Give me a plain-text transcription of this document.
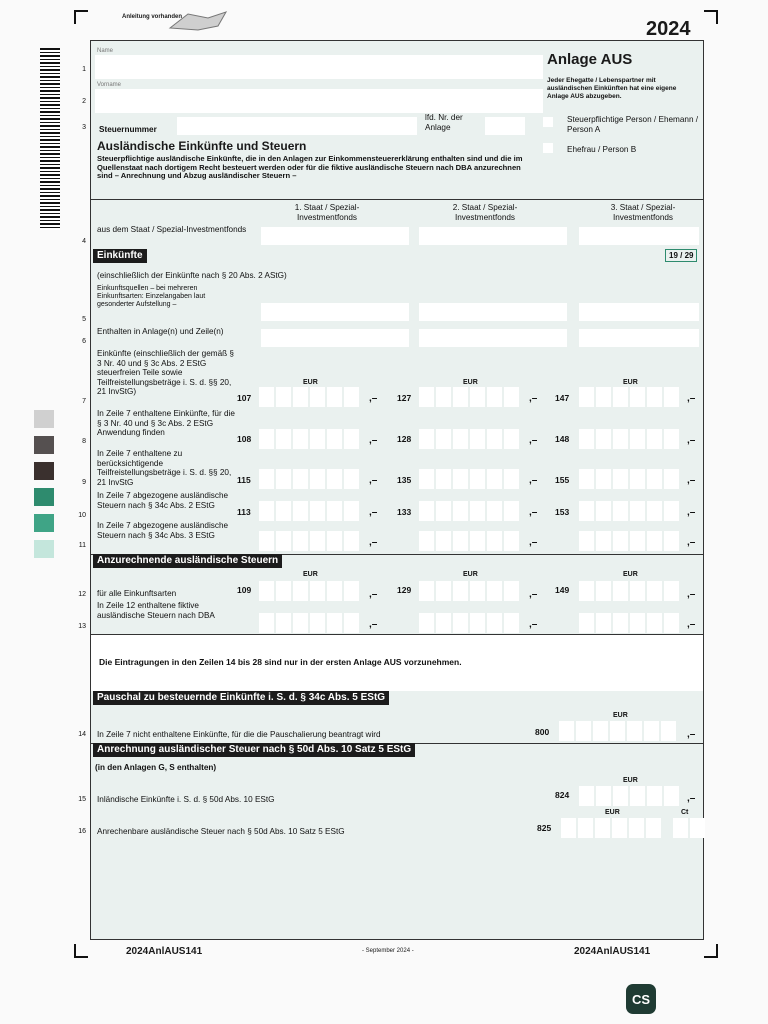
Anleitung vorhanden
2024
1
2
3
4
5
6
7
8
9
10
11
12
13
14
15
16
Name
Vorname
Steuernummer
lfd. Nr. der Anlage
Anlage AUS
Jeder Ehegatte / Lebenspartner mit ausländischen Einkünften hat eine eigene Anlage AUS abzugeben.
Steuerpflichtige Person / Ehemann / Person A
Ehefrau / Person B
Ausländische Einkünfte und Steuern
Steuerpflichtige ausländische Einkünfte, die in den Anlagen zur Einkommensteuererklärung enthalten sind und die im Quellenstaat nach dortigem Recht besteuert werden oder für die fiktive ausländische Steuern nach DBA anzurechnen sind – Anrechnung und Abzug ausländischer Steuern –
1. Staat / Spezial-Investmentfonds
2. Staat / Spezial-Investmentfonds
3. Staat / Spezial-Investmentfonds
aus dem Staat / Spezial-Investmentfonds
Einkünfte	19 / 29
(einschließlich der Einkünfte nach § 20 Abs. 2 AStG)
Einkunftsquellen – bei mehreren Einkunftsarten: Einzelangaben laut gesonderter Aufstellung –
Enthalten in Anlage(n) und Zeile(n)
EUR	EUR	EUR
Einkünfte (einschließlich der gemäß § 3 Nr. 40 und § 3c Abs. 2 EStG steuerfreien Teile sowie Teilfreistellungsbeträge i. S. d. §§ 20, 21 InvStG)
107	,– 127	,– 147	,–
In Zeile 7 enthaltene Einkünfte, für die § 3 Nr. 40 und § 3c Abs. 2 EStG Anwendung finden
108	,– 128	,– 148	,–
In Zeile 7 enthaltene zu berücksichtigende Teilfreistellungsbeträge i. S. d. §§ 20, 21 InvStG	115	,– 135	,– 155	,–
In Zeile 7 abgezogene ausländische Steuern nach § 34c Abs. 2 EStG
113	,– 133	,– 153	,–
In Zeile 7 abgezogene ausländische Steuern nach § 34c Abs. 3 EStG
,–	,–	,–
Anzurechnende ausländische Steuern
EUR	EUR	EUR
für alle Einkunftsarten	109	,– 129	,– 149	,–
In Zeile 12 enthaltene fiktive ausländische Steuern nach DBA
,–	,–	,–
Die Eintragungen in den Zeilen 14 bis 28 sind nur in der ersten Anlage AUS vorzunehmen.
Pauschal zu besteuernde Einkünfte i. S. d. § 34c Abs. 5 EStG
EUR
In Zeile 7 nicht enthaltene Einkünfte, für die die Pauschalierung beantragt wird	800	,–
Anrechnung ausländischer Steuer nach § 50d Abs. 10 Satz 5 EStG
(in den Anlagen G, S enthalten)
EUR
Inländische Einkünfte i. S. d. § 50d Abs. 10 EStG	824	,–
EUR	Ct
Anrechenbare ausländische Steuer nach § 50d Abs. 10 Satz 5 EStG	825
2024AnlAUS141	- September 2024 -	2024AnlAUS141
CS
